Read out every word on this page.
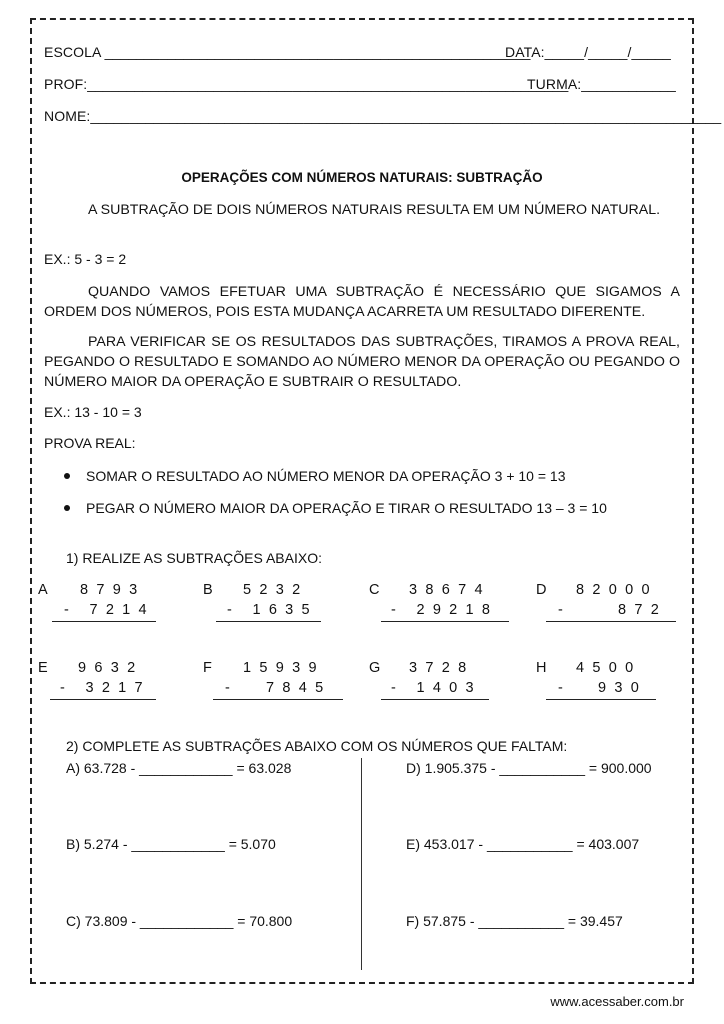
ESCOLA ______________________________________________________
DATA:_____/_____/_____
PROF:_____________________________________________________________
TURMA:____________
NOME:________________________________________________________________________________
OPERAÇÕES COM NÚMEROS NATURAIS: SUBTRAÇÃO
A SUBTRAÇÃO DE DOIS NÚMEROS NATURAIS RESULTA EM UM NÚMERO NATURAL.
EX.: 5 - 3 = 2
QUANDO VAMOS EFETUAR UMA SUBTRAÇÃO É NECESSÁRIO QUE SIGAMOS A ORDEM DOS NÚMEROS, POIS ESTA MUDANÇA ACARRETA UM RESULTADO DIFERENTE.
PARA VERIFICAR SE OS RESULTADOS DAS SUBTRAÇÕES, TIRAMOS A PROVA REAL, PEGANDO O RESULTADO E SOMANDO AO NÚMERO MENOR DA OPERAÇÃO OU PEGANDO O NÚMERO MAIOR DA OPERAÇÃO E SUBTRAIR O RESULTADO.
EX.: 13 - 10 = 3
PROVA REAL:
SOMAR O RESULTADO AO NÚMERO MENOR DA OPERAÇÃO 3 + 10 = 13
PEGAR O NÚMERO MAIOR DA OPERAÇÃO E TIRAR O RESULTADO 13 – 3 = 10
1) REALIZE AS SUBTRAÇÕES ABAIXO:
A 8793
- 7214
B 5232
- 1635
C 38674
- 29218
D 82000
-	872
E 9632
- 3217
F 15939
- 7845
G 3728
- 1403
H 4500
- 930
2) COMPLETE AS SUBTRAÇÕES ABAIXO COM OS NÚMEROS QUE FALTAM:
A) 63.728 - ____________ = 63.028	D) 1.905.375 - ___________ = 900.000
B) 5.274 - ____________ = 5.070	E) 453.017 - ___________ = 403.007
C) 73.809 - ____________ = 70.800	F) 57.875 - ___________ = 39.457
www.acessaber.com.br
